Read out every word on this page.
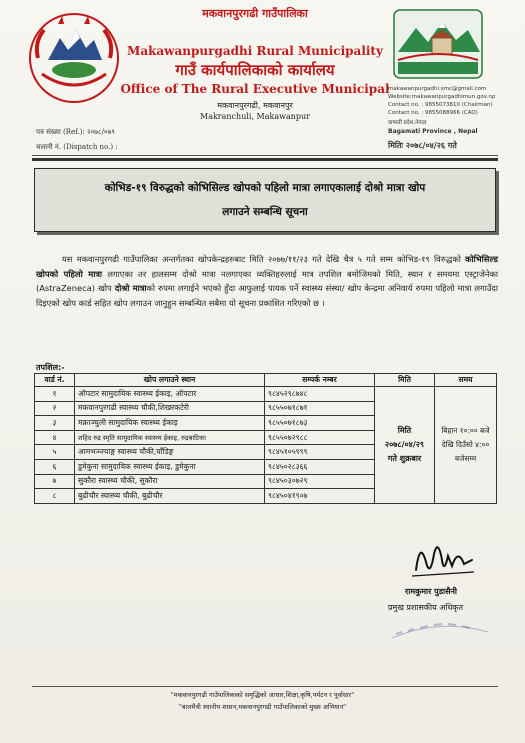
मकवानपुरगढी गाउँपालिका
Makawanpurgadhi Rural Municipality
गाउँ कार्यपालिकाको कार्यालय
Office of The Rural Executive Municipal
मकवानपुरगढी, मकवानपुर
Makranchuli, Makawanpur
makawanpurgadhi.smc@gmail.com
Website:makawanpurgadhimun.gov.np
Contact no. : 9855073810 (Chairman)
Contact no. : 9855088966 (CAO)
वाग्मती प्रदेश,नेपाल
Bagamati Province , Nepal
पत्र संख्या (Ref.): २०७८/०७९
चलानी नं. (Dispatch no.) :	मितिः २०७८/०४/२६ गते
कोभिड-१९ विरुद्धको कोभिसिल्ड खोपको पहिलो मात्रा लगाएकालाई दोश्रो मात्रा खोप
लगाउने सम्बन्धि सूचना
यस मकवानपुरगढी गाउँपालिका अन्तर्गतका खोपकेन्द्रहरुबाट मिति २०७७/११/२३ गते देखि चैत्र ५ गते सम्म कोभिड-१९ विरुद्धको कोभिसिल्ड खोपको पहिलो मात्रा लगाएका तर हालसम्म दोश्रो मात्रा नलगाएका व्यक्तिहरुलाई मात्र तपशिल बमोजिमको मिति, स्थान र समयमा एस्ट्राजेनेका (AstraZeneca) खोप दोश्रो मात्राको रुपमा लगाईने भएको हुँदा आफुलाई पायक पर्ने स्वास्थ्य संस्था/ खोप केन्द्रमा अनिवार्य रुपमा पहिलो मात्रा लगाउँदा दिइएको खोप कार्ड सहित खोप लगाउन जानुहुन सम्बन्धित सबैमा यो सूचना प्रकाशित गरिएको छ ।
तपशिल:-
वार्ड नं.	खोप लगाउने स्थान	सम्पर्क नम्बर	मिति	समय
१	ऑपटार सामुदायिक स्वास्थ्य ईकाइ, ऑपटार	९८४५२९८७४८	मिति
२०७८/०४/२९
गते शुक्रबार	बिहान १०:०० बजे
देखि दिउँसो ४:००
बजेसम्म
२	मकवानपुरगढी स्वास्थ्य चौकी,शिखरकटेरी	९८५५०७१८७१		
३	मक्राञ्चुली सामुदायिक स्वास्थ्य ईकाइ	९८५५०७१८७३		
४	शहिद रुद्र स्मृति सामुदायिक स्वास्थ्य ईकाइ, रुद्रबाटिका	९८५५०७२९८८		
५	आमभञ्ज्याङ्ग स्वास्थ्य चौकी,घाँडिङ्ग	९८४५१०५९९९		
६	डुमेकुना सामुदायिक स्वास्थ्य ईकाइ, डुमेकुना	९८४५०२८३६६		
७	सुकौरा स्वास्थ्य चौकी, सुकौरा	९८४५०३०७२९		
८	बुढीचौर स्वास्थ्य चौकी, बुढीचौर	९८४५०४१९०७		
रामकुमार पुडासैनी
प्रमुख प्रशासकीय अधिकृत
"मकवानपुरगढी गाउँपालिकाको समृद्धिको आधार,शिक्षा,कृषि,पर्यटन र पूर्वाधार"
"बालमैत्री स्थानीय शासन,मकवानपुरगढी गाउँपालिकाको मुख्य अभियान"
